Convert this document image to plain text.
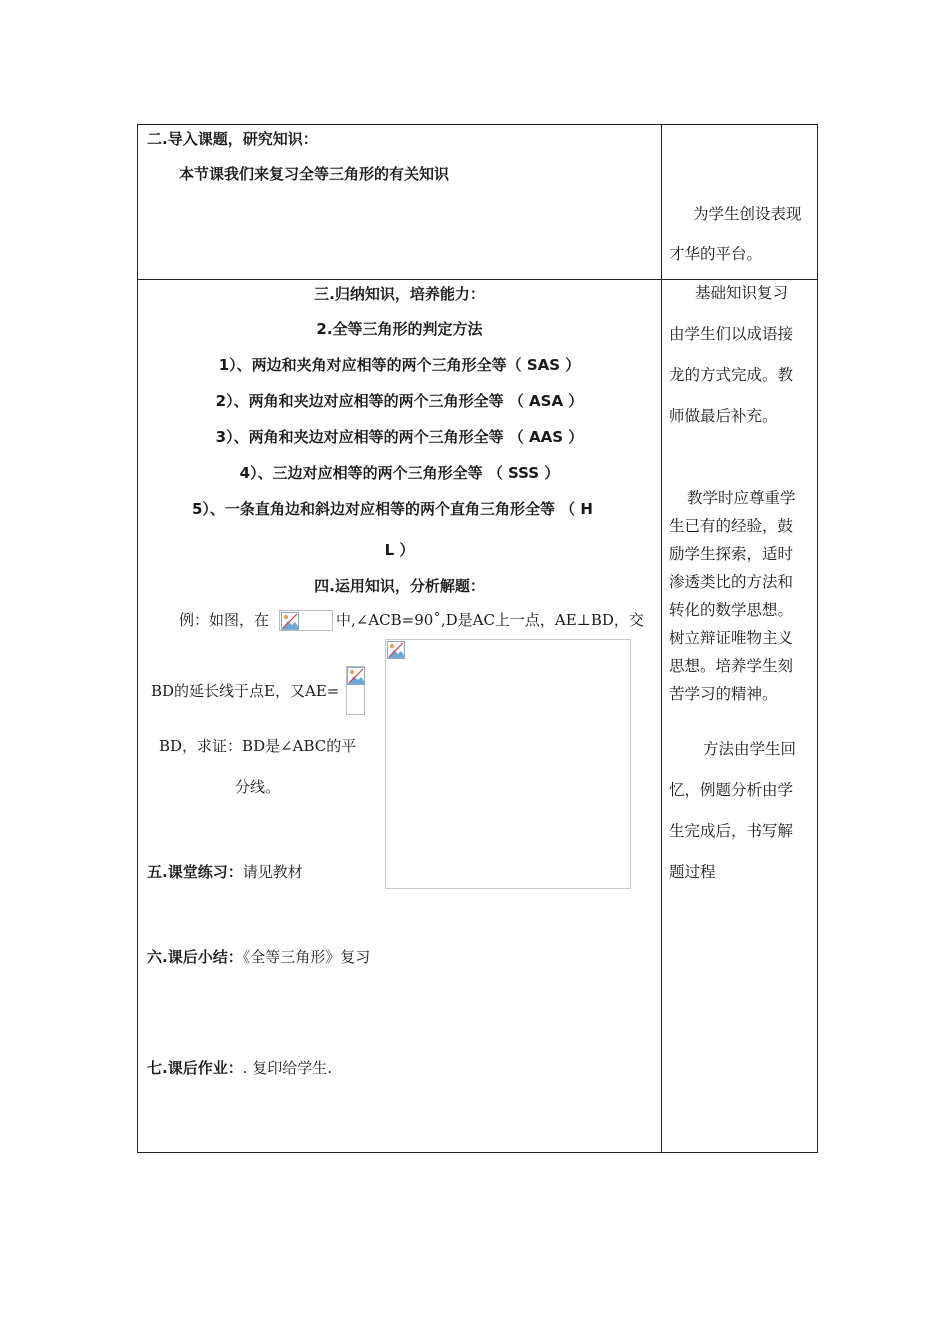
二.导入课题，研究知识：
本节课我们来复习全等三角形的有关知识
为学生创设表现
才华的平台。
三.归纳知识，培养能力：
2.全等三角形的判定方法
1）、两边和夹角对应相等的两个三角形全等（ SAS ）
2）、两角和夹边对应相等的两个三角形全等 （ ASA ）
3）、两角和夹边对应相等的两个三角形全等 （ AAS ）
4）、三边对应相等的两个三角形全等 （ SSS ）
5）、一条直角边和斜边对应相等的两个直角三角形全等 （ H
L ）
四.运用知识，分析解题：
例：如图，在	中,∠ACB=90˚,D是AC上一点，AE⊥BD，交
BD的延长线于点E，又AE=
BD，求证：BD是∠ABC的平
分线。
五.课堂练习：请见教材
六.课后小结：《全等三角形》复习
七.课后作业：. 复印给学生.
基础知识复习
由学生们以成语接
龙的方式完成。教
师做最后补充。
教学时应尊重学
生已有的经验，鼓
励学生探索，适时
渗透类比的方法和
转化的数学思想。
树立辩证唯物主义
思想。培养学生刻
苦学习的精神。
方法由学生回
忆，例题分析由学
生完成后，书写解
题过程
